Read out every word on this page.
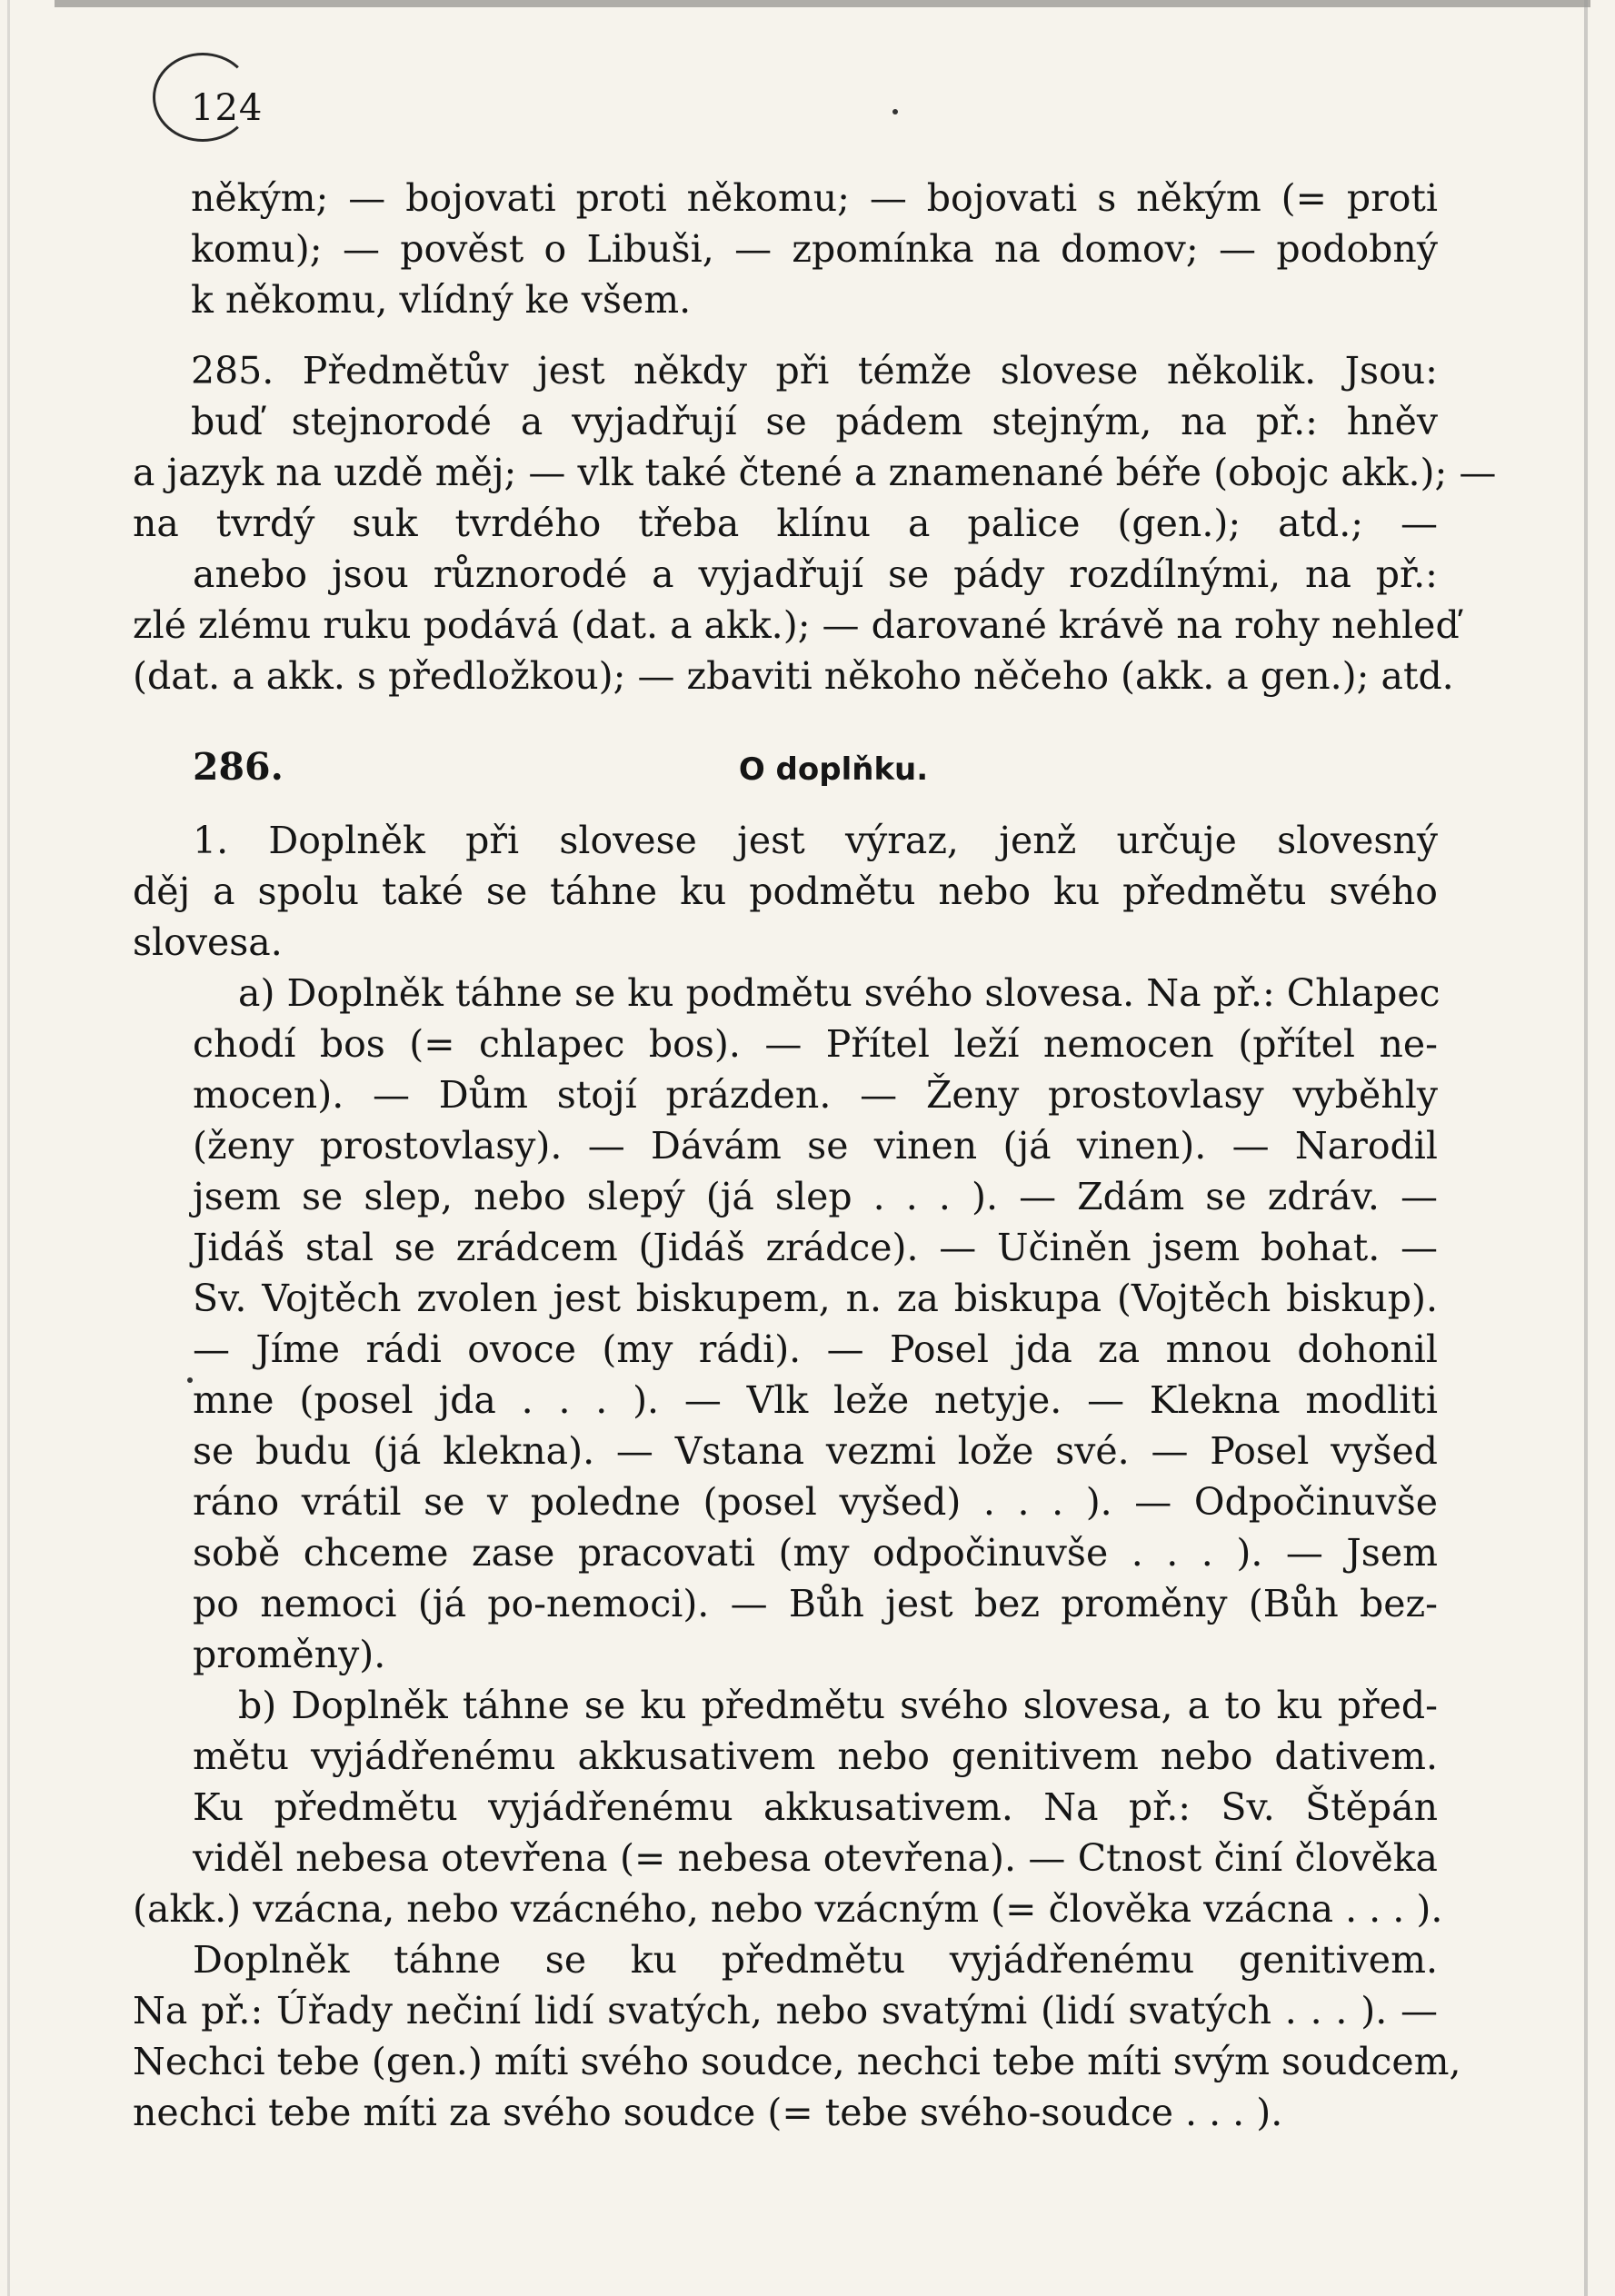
124
někým; — bojovati proti někomu; — bojovati s někým (= proti
komu); — pověst o Libuši, — zpomínka na domov; — podobný
k někomu, vlídný ke všem.
285. Předmětův jest někdy při témže slovese několik. Jsou:
buď stejnorodé a vyjadřují se pádem stejným, na př.: hněv
a jazyk na uzdě měj; — vlk také čtené a znamenané béře (obojc akk.); —
na tvrdý suk tvrdého třeba klínu a palice (gen.); atd.; —
anebo jsou různorodé a vyjadřují se pády rozdílnými, na př.:
zlé zlému ruku podává (dat. a akk.); — darované krávě na rohy nehleď
(dat. a akk. s předložkou); — zbaviti někoho něčeho (akk. a gen.); atd.
286.	O doplňku.
1. Doplněk při slovese jest výraz, jenž určuje slovesný
děj a spolu také se táhne ku podmětu nebo ku předmětu svého
slovesa.
a) Doplněk táhne se ku podmětu svého slovesa. Na př.: Chlapec
chodí bos (= chlapec bos). — Přítel leží nemocen (přítel ne-
mocen). — Dům stojí prázden. — Ženy prostovlasy vyběhly
(ženy prostovlasy). — Dávám se vinen (já vinen). — Narodil
jsem se slep, nebo slepý (já slep . . . ). — Zdám se zdráv. —
Jidáš stal se zrádcem (Jidáš zrádce). — Učiněn jsem bohat. —
Sv. Vojtěch zvolen jest biskupem, n. za biskupa (Vojtěch biskup).
— Jíme rádi ovoce (my rádi). — Posel jda za mnou dohonil
mne (posel jda . . . ). — Vlk leže netyje. — Klekna modliti
se budu (já klekna). — Vstana vezmi lože své. — Posel vyšed
ráno vrátil se v poledne (posel vyšed) . . . ). — Odpočinuvše
sobě chceme zase pracovati (my odpočinuvše . . . ). — Jsem
po nemoci (já po-nemoci). — Bůh jest bez proměny (Bůh bez-
proměny).
b) Doplněk táhne se ku předmětu svého slovesa, a to ku před-
mětu vyjádřenému akkusativem nebo genitivem nebo dativem.
Ku předmětu vyjádřenému akkusativem. Na př.: Sv. Štěpán
viděl nebesa otevřena (= nebesa otevřena). — Ctnost činí člověka
(akk.) vzácna, nebo vzácného, nebo vzácným (= člověka vzácna . . . ).
Doplněk táhne se ku předmětu vyjádřenému genitivem.
Na př.: Úřady nečiní lidí svatých, nebo svatými (lidí svatých . . . ). —
Nechci tebe (gen.) míti svého soudce, nechci tebe míti svým soudcem,
nechci tebe míti za svého soudce (= tebe svého-soudce . . . ).
